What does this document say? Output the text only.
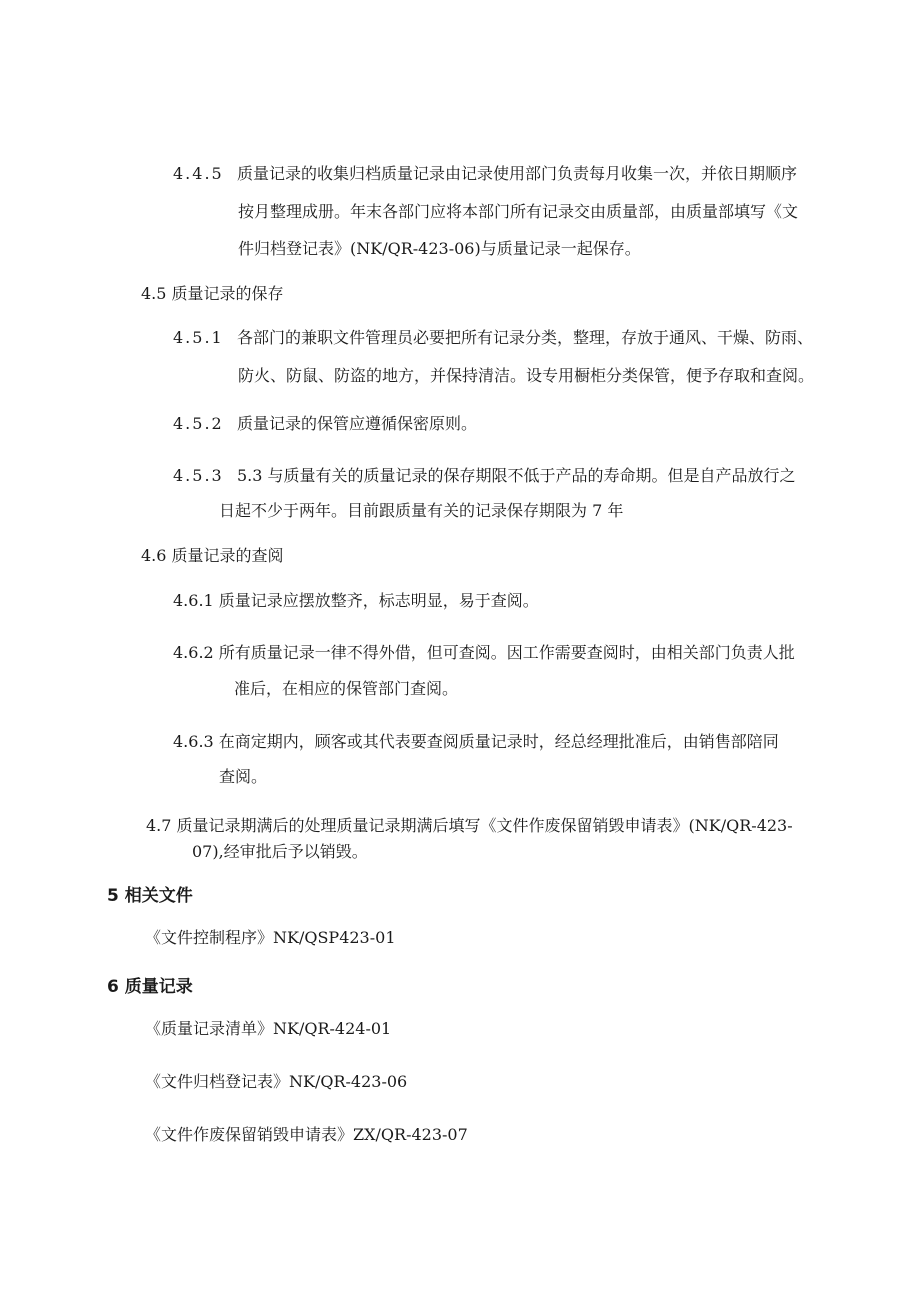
4.4.5 质量记录的收集归档质量记录由记录使用部门负责每月收集一次，并依日期顺序
按月整理成册。年末各部门应将本部门所有记录交由质量部，由质量部填写《文
件归档登记表》(NK/QR-423-06)与质量记录一起保存。
4.5 质量记录的保存
4.5.1 各部门的兼职文件管理员必要把所有记录分类，整理，存放于通风、干燥、防雨、
防火、防鼠、防盗的地方，并保持清洁。设专用橱柜分类保管，便予存取和查阅。
4.5.2 质量记录的保管应遵循保密原则。
4.5.3 5.3 与质量有关的质量记录的保存期限不低于产品的寿命期。但是自产品放行之
日起不少于两年。目前跟质量有关的记录保存期限为 7 年
4.6 质量记录的查阅
4.6.1 质量记录应摆放整齐，标志明显，易于查阅。
4.6.2 所有质量记录一律不得外借，但可查阅。因工作需要查阅时，由相关部门负责人批
准后，在相应的保管部门查阅。
4.6.3 在商定期内，顾客或其代表要查阅质量记录时，经总经理批准后，由销售部陪同
查阅。
4.7 质量记录期满后的处理质量记录期满后填写《文件作废保留销毁申请表》(NK/QR-423-
07),经审批后予以销毁。
5 相关文件
《文件控制程序》NK/QSP423-01
6 质量记录
《质量记录清单》NK/QR-424-01
《文件归档登记表》NK/QR-423-06
《文件作废保留销毁申请表》ZX/QR-423-07
